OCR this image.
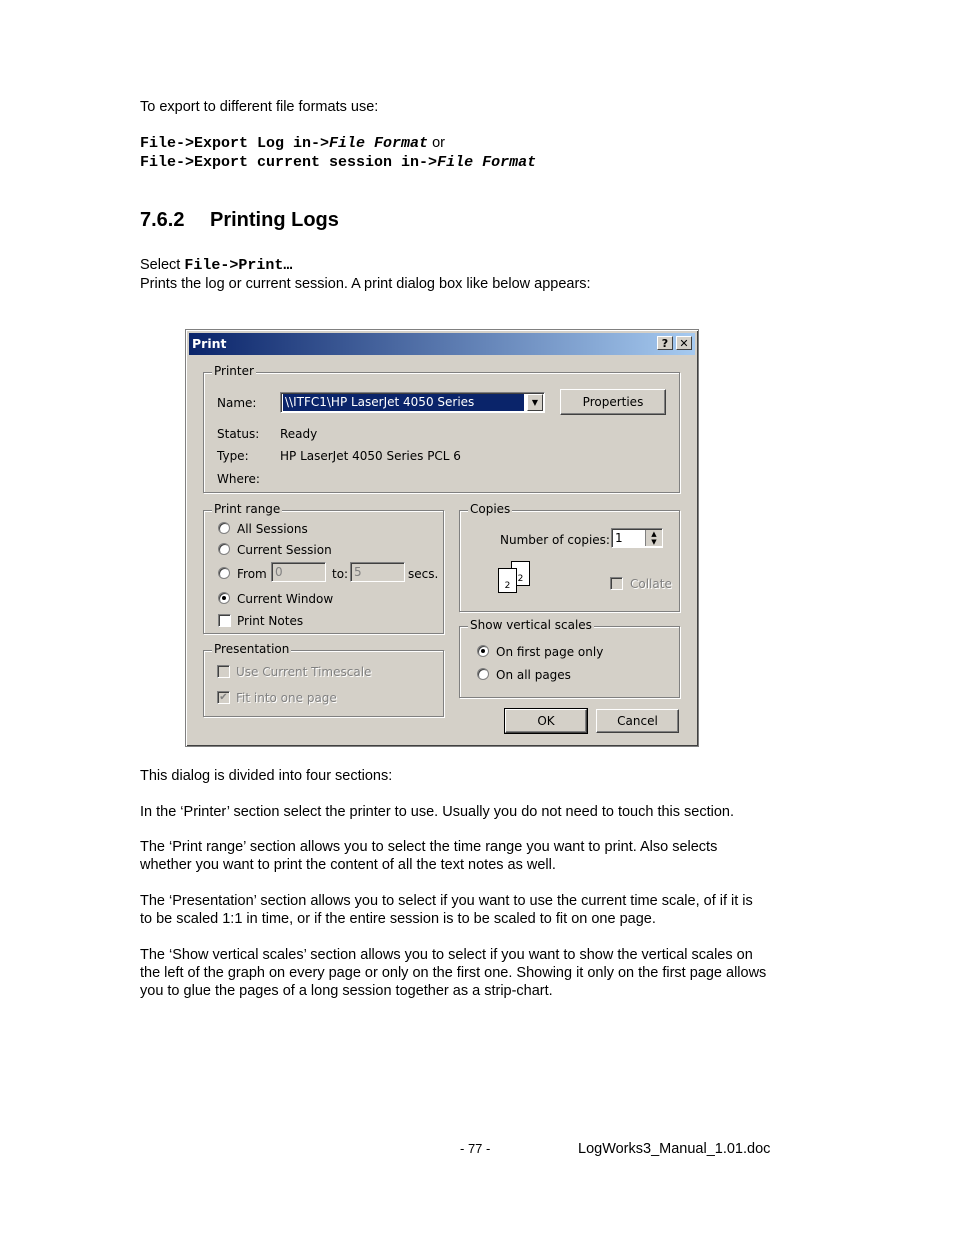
To export to different file formats use:

File->Export Log in->File Format or

File->Export current session in->File Format

7.6.2 Printing Logs

Select File->Print…

Prints the log or current session. A print dialog box like below appears:

Print	?	✕
Printer
Name: \\ITFC1\HP LaserJet 4050 Series	▼	Properties
Status: Ready
Type:	HP LaserJet 4050 Series PCL 6
Where:
Print range
All Sessions
Current Session
From 0	to: 5	secs.
Current Window
Print Notes
Presentation
Use Current Timescale
✔ Fit into one page
Copies
Number of copies: 1	▲
▼
2
2	Collate
Show vertical scales
On first page only
On all pages
OK	Cancel

This dialog is divided into four sections:

In the ‘Printer’ section select the printer to use. Usually you do not need to touch this section.

The ‘Print range’ section allows you to select the time range you want to print. Also selects

whether you want to print the content of all the text notes as well.

The ‘Presentation’ section allows you to select if you want to use the current time scale, of if it is

to be scaled 1:1 in time, or if the entire session is to be scaled to fit on one page.

The ‘Show vertical scales’ section allows you to select if you want to show the vertical scales on

the left of the graph on every page or only on the first one. Showing it only on the first page allows

you to glue the pages of a long session together as a strip-chart.

- 77 -	LogWorks3_Manual_1.01.doc
